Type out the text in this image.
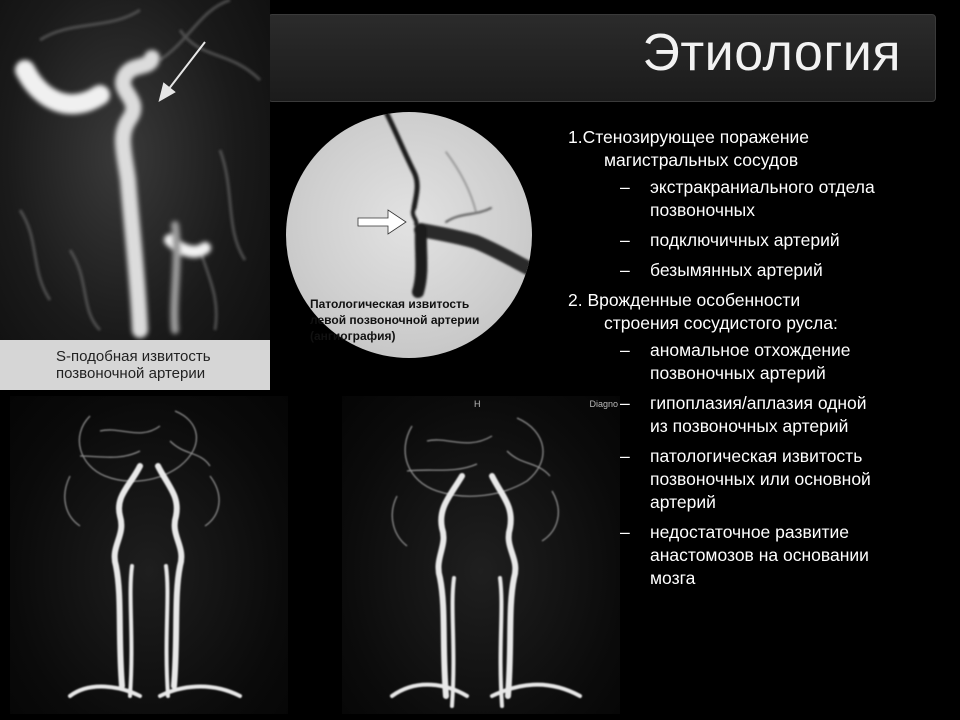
Этиология
S-подобная извитость
позвоночной артерии
Патологическая извитость
левой позвоночной артерии
(ангиография)
H	Diagno
1.Стенозирующее поражение
магистральных сосудов
– экстракраниального отдела
позвоночных
– подключичных артерий
– безымянных артерий
2. Врожденные особенности
строения сосудистого русла:
– аномальное отхождение
позвоночных артерий
– гипоплазия/аплазия одной
из позвоночных артерий
– патологическая извитость
позвоночных или основной
артерий
– недостаточное развитие
анастомозов на основании
мозга
